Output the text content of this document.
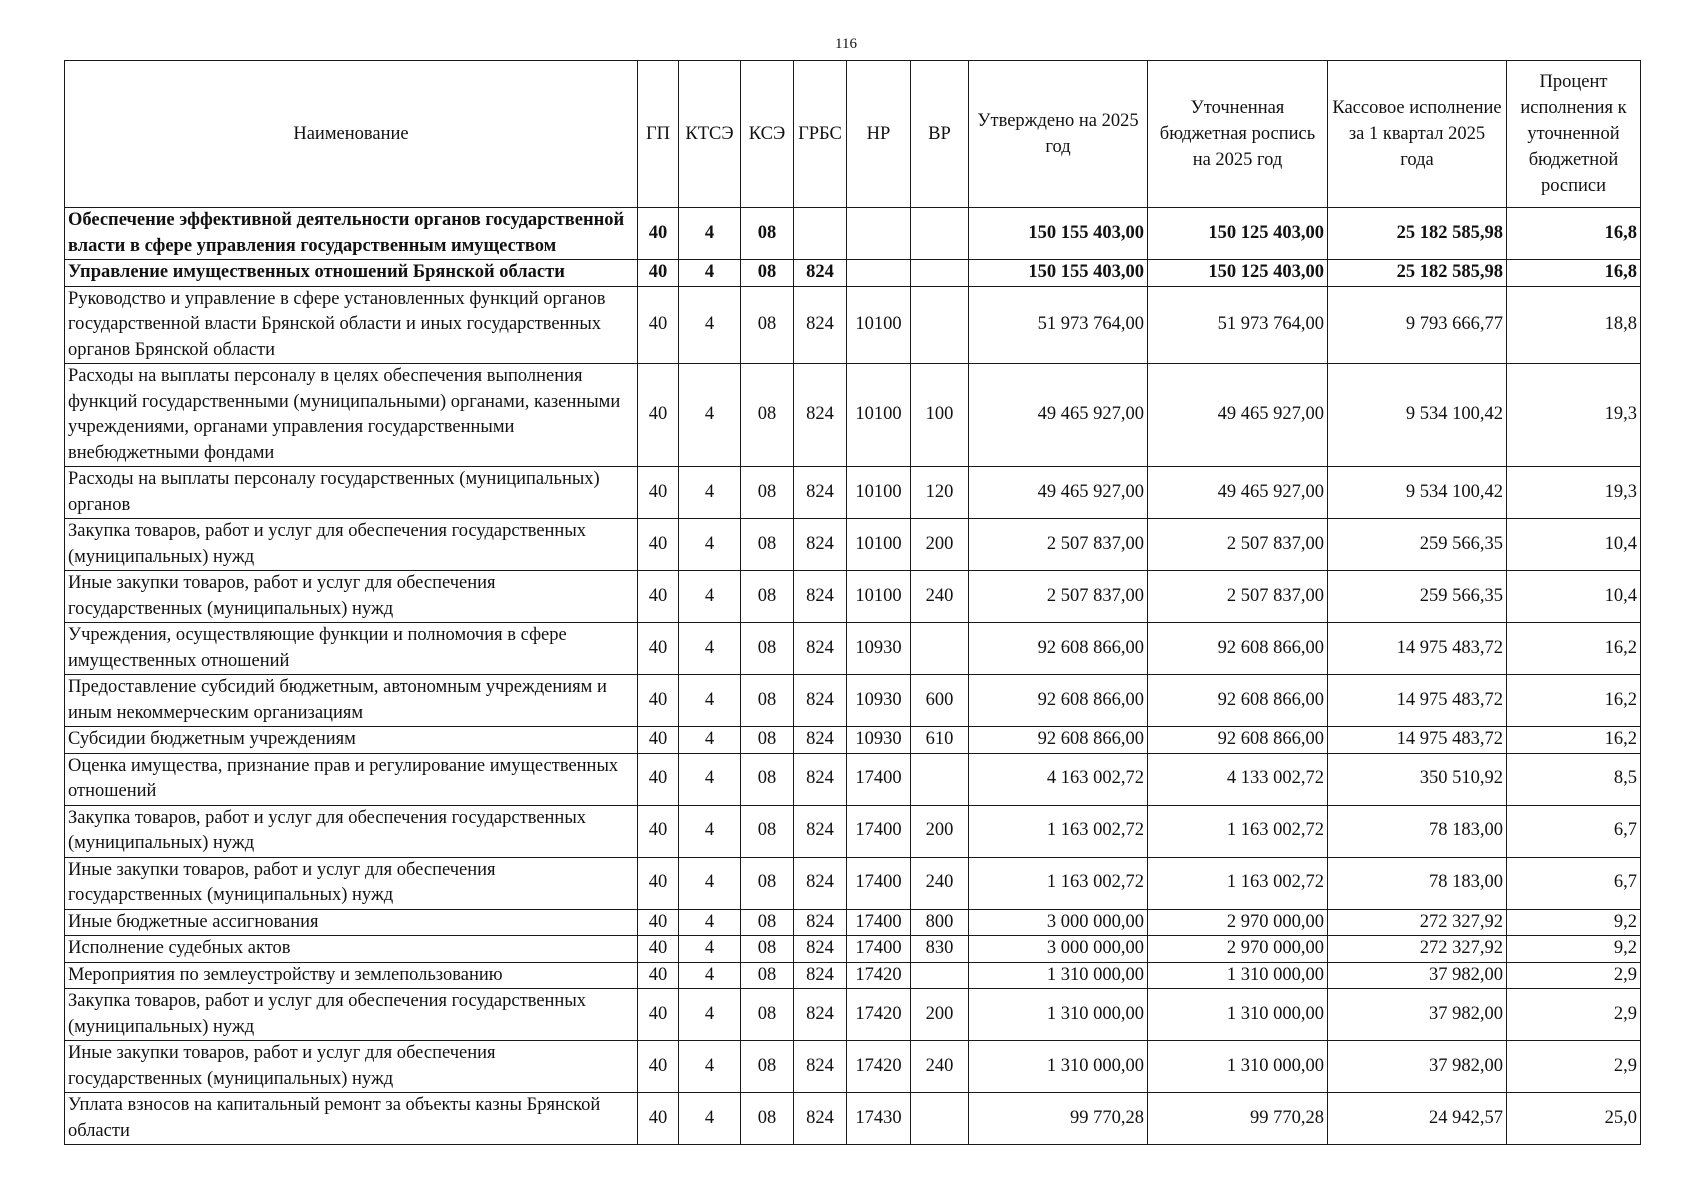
116
Наименование	ГП	КТСЭ	КСЭ	ГРБС	НР	ВР	Утверждено на 2025 год	Уточненная бюджетная роспись на 2025 год	Кассовое исполнение за 1 квартал 2025 года	Процент исполнения к уточненной бюджетной росписи
Обеспечение эффективной деятельности органов государственной власти в сфере управления государственным имуществом	40	4	08				150 155 403,00	150 125 403,00	25 182 585,98	16,8
Управление имущественных отношений Брянской области	40	4	08	824			150 155 403,00	150 125 403,00	25 182 585,98	16,8
Руководство и управление в сфере установленных функций органов государственной власти Брянской области и иных государственных органов Брянской области	40	4	08	824	10100		51 973 764,00	51 973 764,00	9 793 666,77	18,8
Расходы на выплаты персоналу в целях обеспечения выполнения функций государственными (муниципальными) органами, казенными учреждениями, органами управления государственными внебюджетными фондами	40	4	08	824	10100	100	49 465 927,00	49 465 927,00	9 534 100,42	19,3
Расходы на выплаты персоналу государственных (муниципальных) органов	40	4	08	824	10100	120	49 465 927,00	49 465 927,00	9 534 100,42	19,3
Закупка товаров, работ и услуг для обеспечения государственных (муниципальных) нужд	40	4	08	824	10100	200	2 507 837,00	2 507 837,00	259 566,35	10,4
Иные закупки товаров, работ и услуг для обеспечения государственных (муниципальных) нужд	40	4	08	824	10100	240	2 507 837,00	2 507 837,00	259 566,35	10,4
Учреждения, осуществляющие функции и полномочия в сфере имущественных отношений	40	4	08	824	10930		92 608 866,00	92 608 866,00	14 975 483,72	16,2
Предоставление субсидий бюджетным, автономным учреждениям и иным некоммерческим организациям	40	4	08	824	10930	600	92 608 866,00	92 608 866,00	14 975 483,72	16,2
Субсидии бюджетным учреждениям	40	4	08	824	10930	610	92 608 866,00	92 608 866,00	14 975 483,72	16,2
Оценка имущества, признание прав и регулирование имущественных отношений	40	4	08	824	17400		4 163 002,72	4 133 002,72	350 510,92	8,5
Закупка товаров, работ и услуг для обеспечения государственных (муниципальных) нужд	40	4	08	824	17400	200	1 163 002,72	1 163 002,72	78 183,00	6,7
Иные закупки товаров, работ и услуг для обеспечения государственных (муниципальных) нужд	40	4	08	824	17400	240	1 163 002,72	1 163 002,72	78 183,00	6,7
Иные бюджетные ассигнования	40	4	08	824	17400	800	3 000 000,00	2 970 000,00	272 327,92	9,2
Исполнение судебных актов	40	4	08	824	17400	830	3 000 000,00	2 970 000,00	272 327,92	9,2
Мероприятия по землеустройству и землепользованию	40	4	08	824	17420		1 310 000,00	1 310 000,00	37 982,00	2,9
Закупка товаров, работ и услуг для обеспечения государственных (муниципальных) нужд	40	4	08	824	17420	200	1 310 000,00	1 310 000,00	37 982,00	2,9
Иные закупки товаров, работ и услуг для обеспечения государственных (муниципальных) нужд	40	4	08	824	17420	240	1 310 000,00	1 310 000,00	37 982,00	2,9
Уплата взносов на капитальный ремонт за объекты казны Брянской области	40	4	08	824	17430		99 770,28	99 770,28	24 942,57	25,0
